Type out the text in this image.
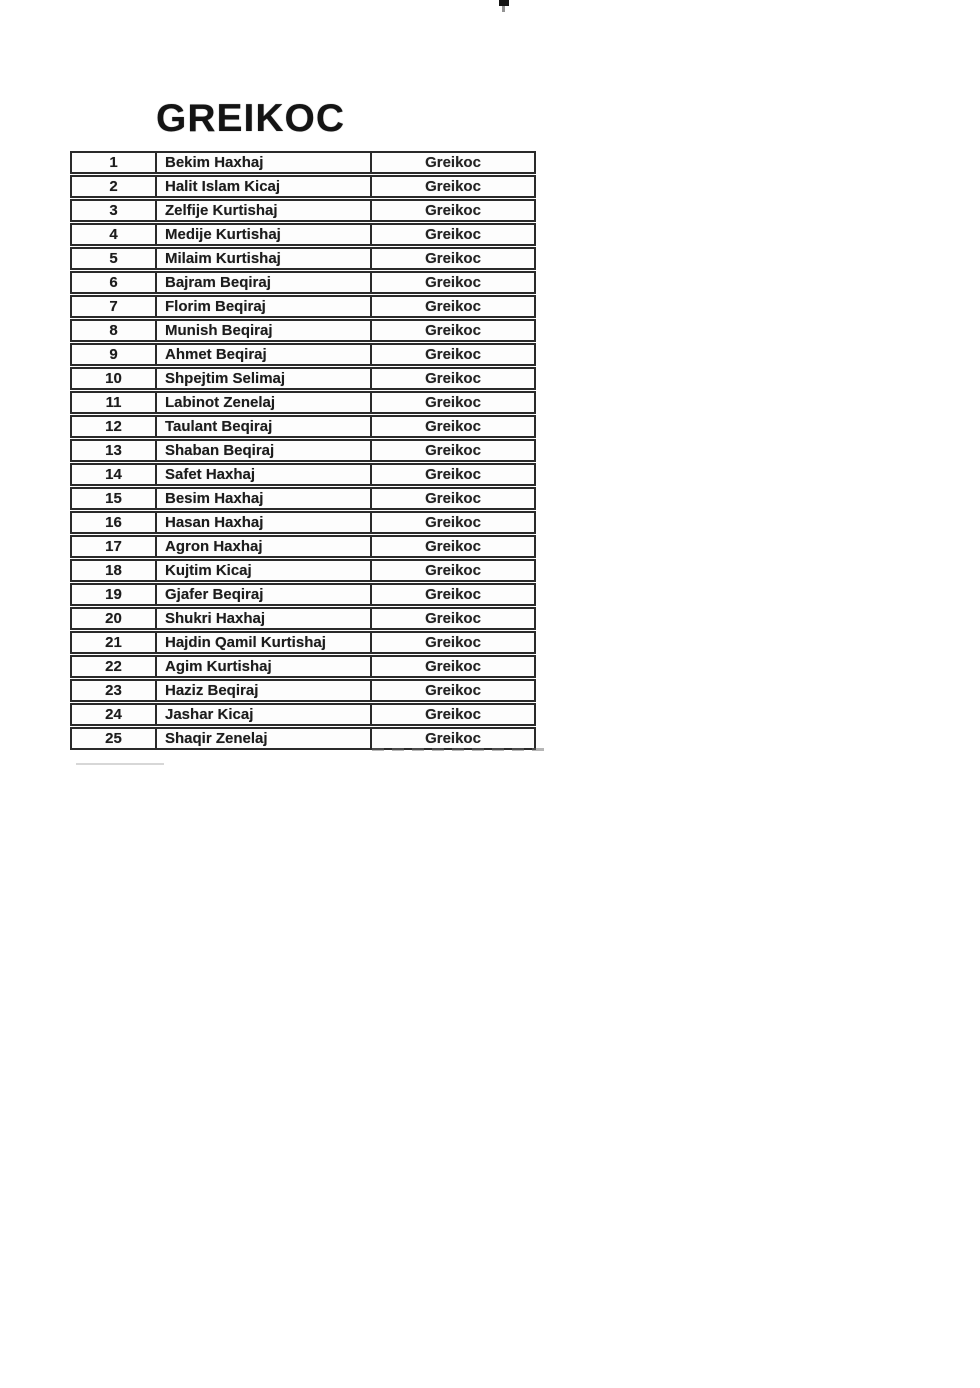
GREIKOC
1	Bekim Haxhaj	Greikoc
2	Halit Islam Kicaj	Greikoc
3	Zelfije Kurtishaj	Greikoc
4	Medije Kurtishaj	Greikoc
5	Milaim Kurtishaj	Greikoc
6	Bajram Beqiraj	Greikoc
7	Florim Beqiraj	Greikoc
8	Munish Beqiraj	Greikoc
9	Ahmet Beqiraj	Greikoc
10	Shpejtim Selimaj	Greikoc
11	Labinot Zenelaj	Greikoc
12	Taulant Beqiraj	Greikoc
13	Shaban Beqiraj	Greikoc
14	Safet Haxhaj	Greikoc
15	Besim Haxhaj	Greikoc
16	Hasan Haxhaj	Greikoc
17	Agron Haxhaj	Greikoc
18	Kujtim Kicaj	Greikoc
19	Gjafer Beqiraj	Greikoc
20	Shukri Haxhaj	Greikoc
21	Hajdin Qamil Kurtishaj	Greikoc
22	Agim Kurtishaj	Greikoc
23	Haziz Beqiraj	Greikoc
24	Jashar Kicaj	Greikoc
25	Shaqir Zenelaj	Greikoc
